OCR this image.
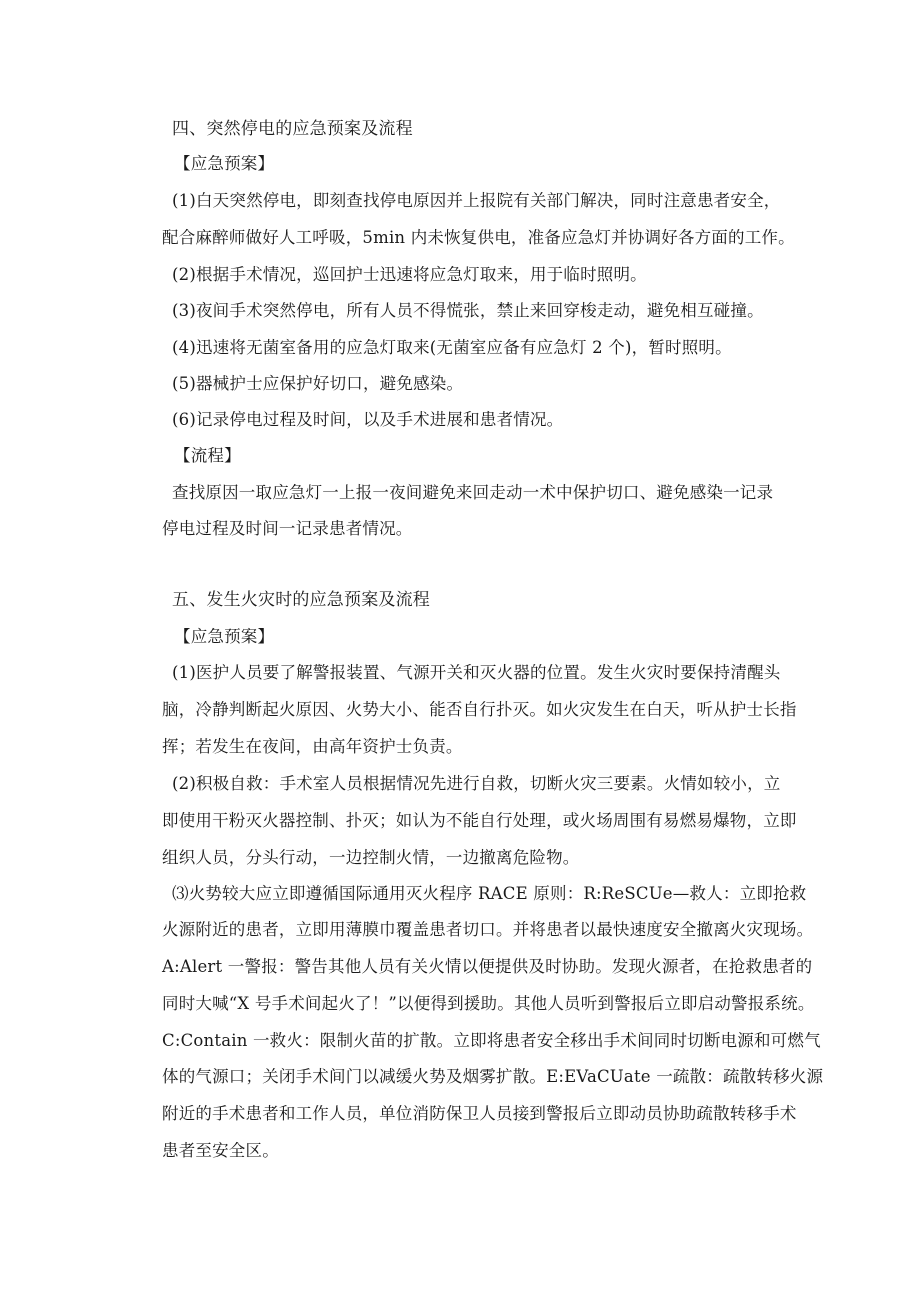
四、突然停电的应急预案及流程
【应急预案】
(1)白天突然停电，即刻查找停电原因并上报院有关部门解决，同时注意患者安全，
配合麻醉师做好人工呼吸，5min 内未恢复供电，准备应急灯并协调好各方面的工作。
(2)根据手术情况，巡回护士迅速将应急灯取来，用于临时照明。
(3)夜间手术突然停电，所有人员不得慌张，禁止来回穿梭走动，避免相互碰撞。
(4)迅速将无菌室备用的应急灯取来(无菌室应备有应急灯 2 个)，暂时照明。
(5)器械护士应保护好切口，避免感染。
(6)记录停电过程及时间，以及手术进展和患者情况。
【流程】
查找原因一取应急灯一上报一夜间避免来回走动一术中保护切口、避免感染一记录
停电过程及时间一记录患者情况。
五、发生火灾时的应急预案及流程
【应急预案】
(1)医护人员要了解警报装置、气源开关和灭火器的位置。发生火灾时要保持清醒头
脑，冷静判断起火原因、火势大小、能否自行扑灭。如火灾发生在白天，听从护士长指
挥；若发生在夜间，由高年资护士负责。
(2)积极自救：手术室人员根据情况先进行自救，切断火灾三要素。火情如较小，立
即使用干粉灭火器控制、扑灭；如认为不能自行处理，或火场周围有易燃易爆物，立即
组织人员，分头行动，一边控制火情，一边撤离危险物。
⑶火势较大应立即遵循国际通用灭火程序 RACE 原则：R:ReSCUe—救人：立即抢救
火源附近的患者，立即用薄膜巾覆盖患者切口。并将患者以最快速度安全撤离火灾现场。
A:Alert 一警报：警告其他人员有关火情以便提供及时协助。发现火源者，在抢救患者的
同时大喊“X 号手术间起火了！”以便得到援助。其他人员听到警报后立即启动警报系统。
C:Contain 一救火：限制火苗的扩散。立即将患者安全移出手术间同时切断电源和可燃气
体的气源口；关闭手术间门以减缓火势及烟雾扩散。E:EVaCUate 一疏散：疏散转移火源
附近的手术患者和工作人员，单位消防保卫人员接到警报后立即动员协助疏散转移手术
患者至安全区。
